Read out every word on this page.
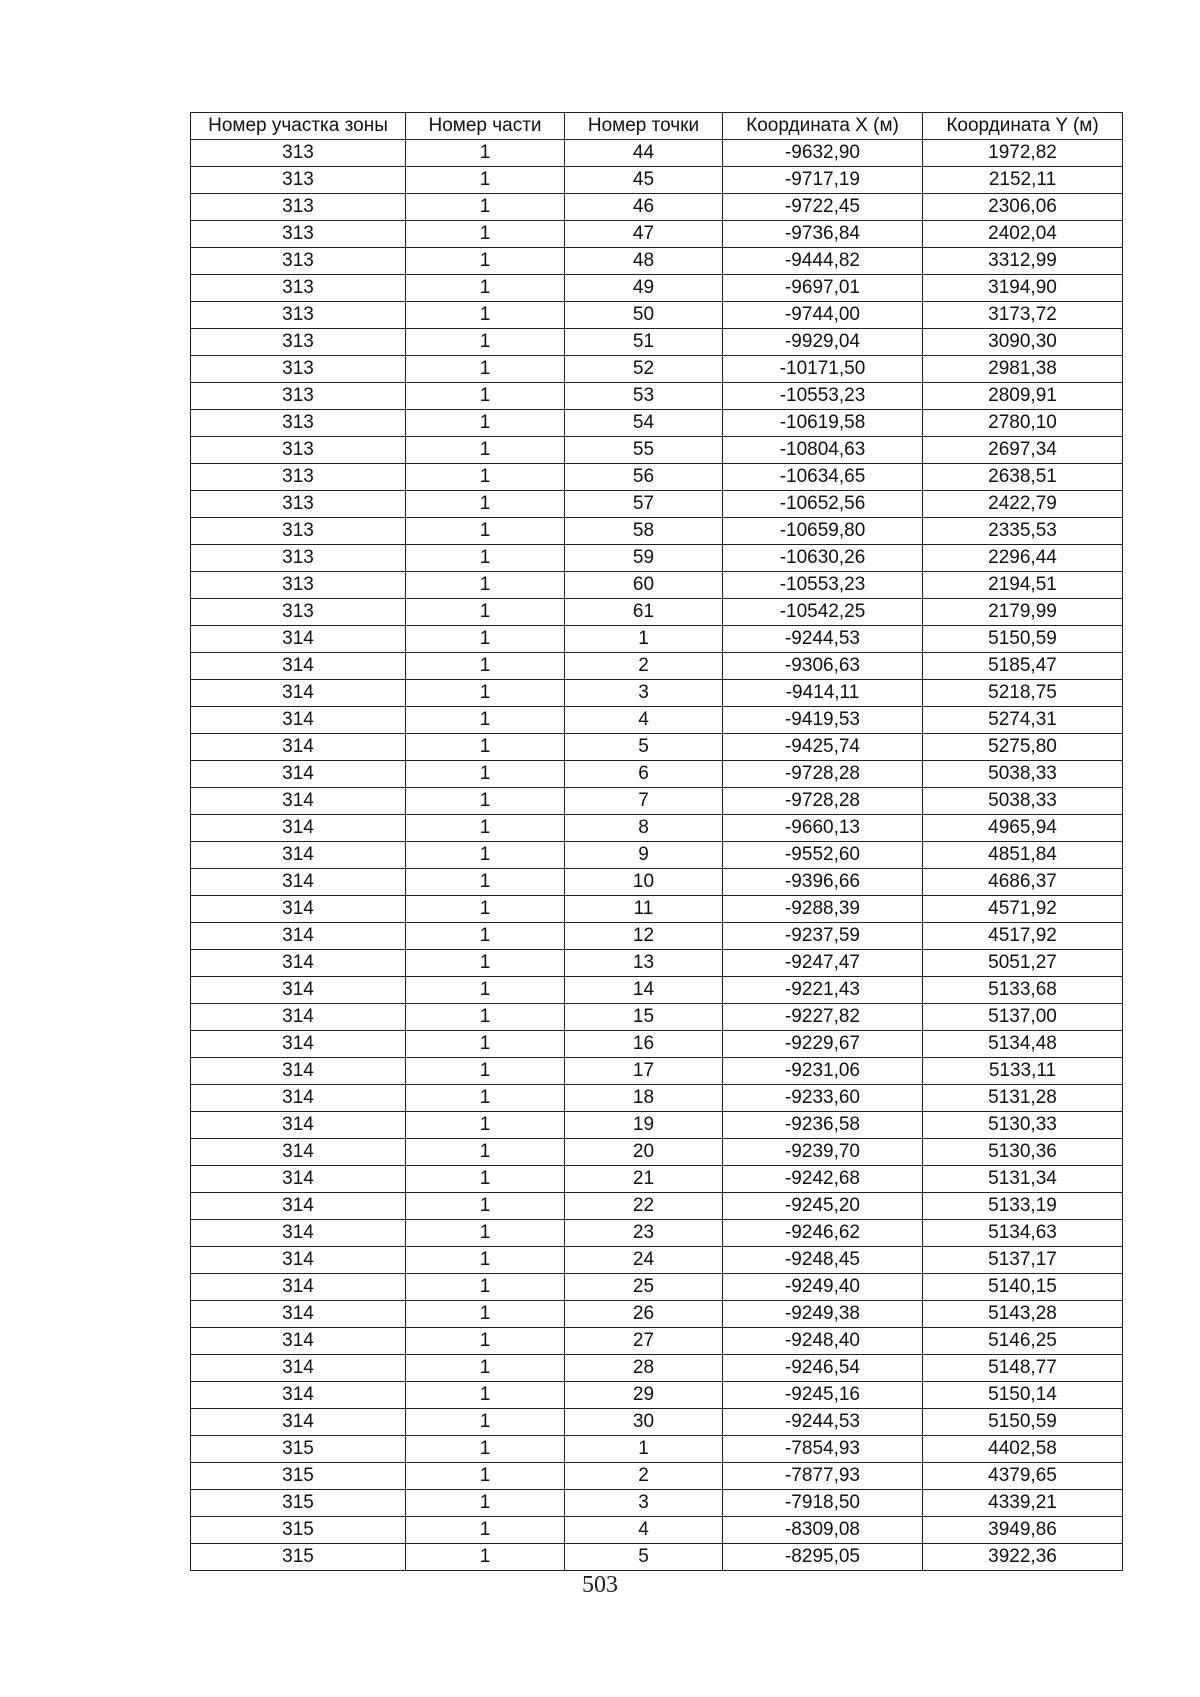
Номер участка зоны	Номер части	Номер точки	Координата X (м)	Координата Y (м)
313	1	44	-9632,90	1972,82
313	1	45	-9717,19	2152,11
313	1	46	-9722,45	2306,06
313	1	47	-9736,84	2402,04
313	1	48	-9444,82	3312,99
313	1	49	-9697,01	3194,90
313	1	50	-9744,00	3173,72
313	1	51	-9929,04	3090,30
313	1	52	-10171,50	2981,38
313	1	53	-10553,23	2809,91
313	1	54	-10619,58	2780,10
313	1	55	-10804,63	2697,34
313	1	56	-10634,65	2638,51
313	1	57	-10652,56	2422,79
313	1	58	-10659,80	2335,53
313	1	59	-10630,26	2296,44
313	1	60	-10553,23	2194,51
313	1	61	-10542,25	2179,99
314	1	1	-9244,53	5150,59
314	1	2	-9306,63	5185,47
314	1	3	-9414,11	5218,75
314	1	4	-9419,53	5274,31
314	1	5	-9425,74	5275,80
314	1	6	-9728,28	5038,33
314	1	7	-9728,28	5038,33
314	1	8	-9660,13	4965,94
314	1	9	-9552,60	4851,84
314	1	10	-9396,66	4686,37
314	1	11	-9288,39	4571,92
314	1	12	-9237,59	4517,92
314	1	13	-9247,47	5051,27
314	1	14	-9221,43	5133,68
314	1	15	-9227,82	5137,00
314	1	16	-9229,67	5134,48
314	1	17	-9231,06	5133,11
314	1	18	-9233,60	5131,28
314	1	19	-9236,58	5130,33
314	1	20	-9239,70	5130,36
314	1	21	-9242,68	5131,34
314	1	22	-9245,20	5133,19
314	1	23	-9246,62	5134,63
314	1	24	-9248,45	5137,17
314	1	25	-9249,40	5140,15
314	1	26	-9249,38	5143,28
314	1	27	-9248,40	5146,25
314	1	28	-9246,54	5148,77
314	1	29	-9245,16	5150,14
314	1	30	-9244,53	5150,59
315	1	1	-7854,93	4402,58
315	1	2	-7877,93	4379,65
315	1	3	-7918,50	4339,21
315	1	4	-8309,08	3949,86
315	1	5	-8295,05	3922,36
503
